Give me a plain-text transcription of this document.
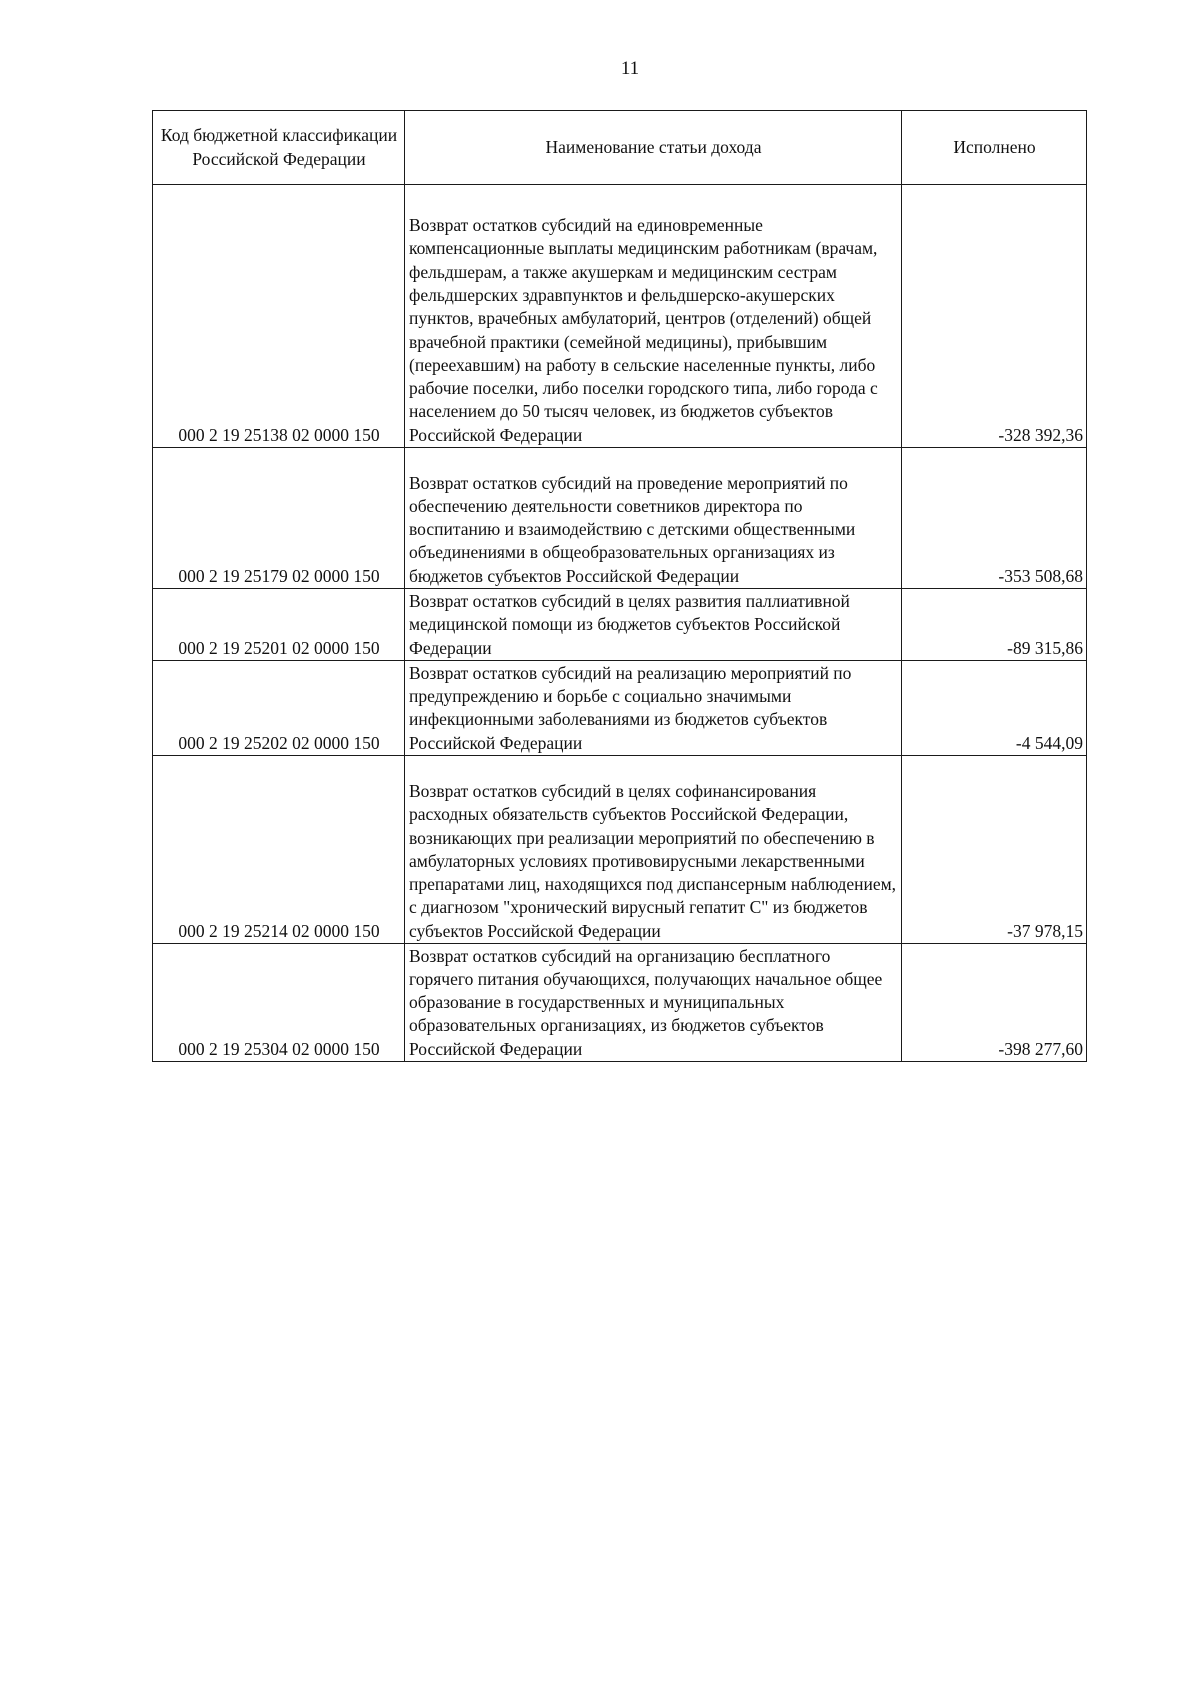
11
Код бюджетной классификации Российской Федерации	Наименование статьи дохода	Исполнено
000 2 19 25138 02 0000 150	Возврат остатков субсидий на единовременные компенсационные выплаты медицинским работникам (врачам, фельдшерам, а также акушеркам и медицинским сестрам фельдшерских здравпунктов и фельдшерско-акушерских пунктов, врачебных амбулаторий, центров (отделений) общей врачебной практики (семейной медицины), прибывшим (переехавшим) на работу в сельские населенные пункты, либо рабочие поселки, либо поселки городского типа, либо города с населением до 50 тысяч человек, из бюджетов субъектов Российской Федерации	-328 392,36
000 2 19 25179 02 0000 150	Возврат остатков субсидий на проведение мероприятий по обеспечению деятельности советников директора по воспитанию и взаимодействию с детскими общественными объединениями в общеобразовательных организациях из бюджетов субъектов Российской Федерации	-353 508,68
000 2 19 25201 02 0000 150	Возврат остатков субсидий в целях развития паллиативной медицинской помощи из бюджетов субъектов Российской Федерации	-89 315,86
000 2 19 25202 02 0000 150	Возврат остатков субсидий на реализацию мероприятий по предупреждению и борьбе с социально значимыми инфекционными заболеваниями из бюджетов субъектов Российской Федерации	-4 544,09
000 2 19 25214 02 0000 150	Возврат остатков субсидий в целях софинансирования расходных обязательств субъектов Российской Федерации, возникающих при реализации мероприятий по обеспечению в амбулаторных условиях противовирусными лекарственными препаратами лиц, находящихся под диспансерным наблюдением, с диагнозом "хронический вирусный гепатит С" из бюджетов субъектов Российской Федерации	-37 978,15
000 2 19 25304 02 0000 150	Возврат остатков субсидий на организацию бесплатного горячего питания обучающихся, получающих начальное общее образование в государственных и муниципальных образовательных организациях, из бюджетов субъектов Российской Федерации	-398 277,60
